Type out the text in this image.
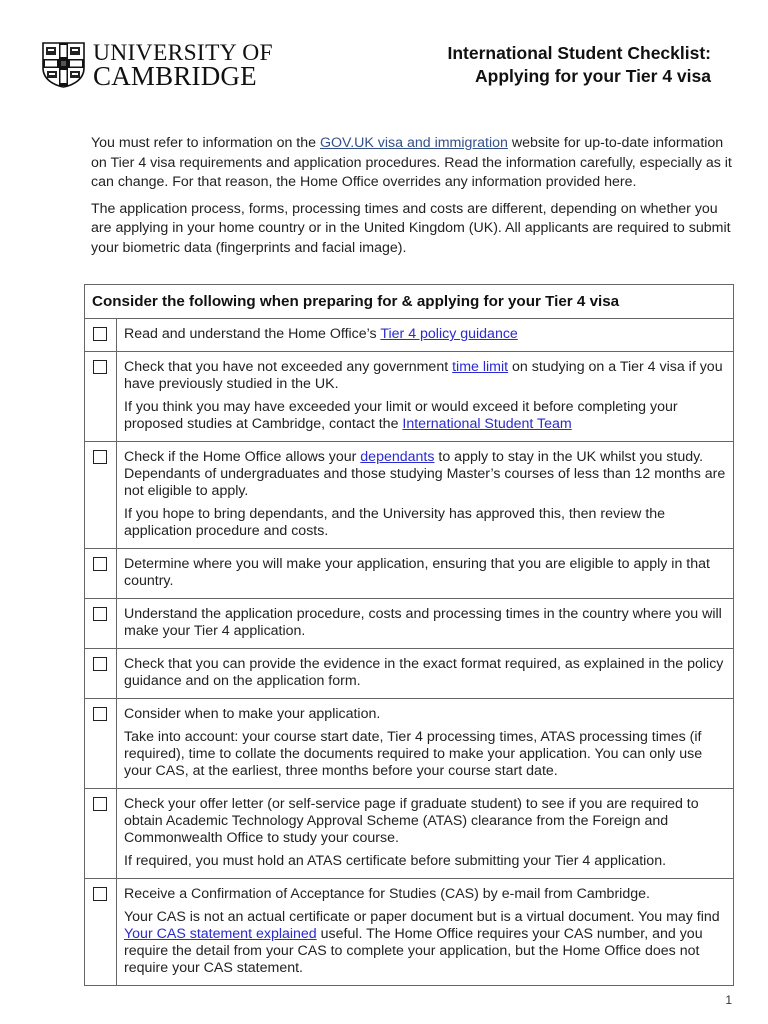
UNIVERSITY OF
CAMBRIDGE
International Student Checklist:
Applying for your Tier 4 visa

You must refer to information on the GOV.UK visa and immigration website for up-to-date information on Tier 4 visa requirements and application procedures. Read the information carefully, especially as it can change. For that reason, the Home Office overrides any information provided here.

The application process, forms, processing times and costs are different, depending on whether you are applying in your home country or in the United Kingdom (UK). All applicants are required to submit your biometric data (fingerprints and facial image).

Consider the following when preparing for & applying for your Tier 4 visa	

	Read and understand the Home Office’s Tier 4 policy guidance

	Check that you have not exceeded any government time limit on studying on a Tier 4 visa if you have previously studied in the UK.

If you think you may have exceeded your limit or would exceed it before completing your proposed studies at Cambridge, contact the International Student Team

	Check if the Home Office allows your dependants to apply to stay in the UK whilst you study. Dependants of undergraduates and those studying Master’s courses of less than 12 months are not eligible to apply.

If you hope to bring dependants, and the University has approved this, then review the application procedure and costs.

	Determine where you will make your application, ensuring that you are eligible to apply in that country.

	Understand the application procedure, costs and processing times in the country where you will make your Tier 4 application.

	Check that you can provide the evidence in the exact format required, as explained in the policy guidance and on the application form.

	Consider when to make your application.

Take into account: your course start date, Tier 4 processing times, ATAS processing times (if required), time to collate the documents required to make your application. You can only use your CAS, at the earliest, three months before your course start date.

	Check your offer letter (or self-service page if graduate student) to see if you are required to obtain Academic Technology Approval Scheme (ATAS) clearance from the Foreign and Commonwealth Office to study your course.

If required, you must hold an ATAS certificate before submitting your Tier 4 application.

	Receive a Confirmation of Acceptance for Studies (CAS) by e-mail from Cambridge.

Your CAS is not an actual certificate or paper document but is a virtual document. You may find Your CAS statement explained useful. The Home Office requires your CAS number, and you require the detail from your CAS to complete your application, but the Home Office does not require your CAS statement.

1
